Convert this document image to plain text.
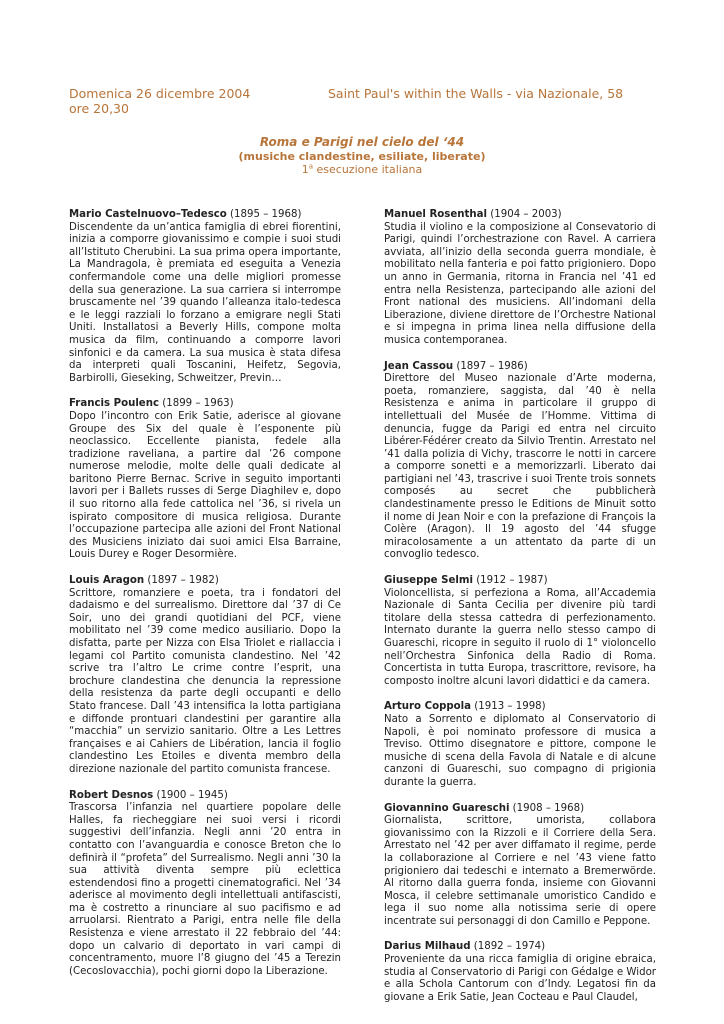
Domenica 26 dicembre 2004	Saint Paul's within the Walls - via Nazionale, 58
ore 20,30
Roma e Parigi nel cielo del ‘44
(musiche clandestine, esiliate, liberate)
1$^a$ esecuzione italiana

Mario Castelnuovo–Tedesco (1895 – 1968)
Discendente da un’antica famiglia di ebrei fiorentini, inizia a comporre giovanissimo e compie i suoi studi all’Istituto Cherubini. La sua prima opera importante, La Mandragola, è premiata ed eseguita a Venezia confermandole come una delle migliori promesse della sua generazione. La sua carriera si interrompe bruscamente nel ’39 quando l’alleanza italo-tedesca e le leggi razziali lo forzano a emigrare negli Stati Uniti. Installatosi a Beverly Hills, compone molta musica da film, continuando a comporre lavori sinfonici e da camera. La sua musica è stata difesa da interpreti quali Toscanini, Heifetz, Segovia, Barbirolli, Gieseking, Schweitzer, Previn…

Francis Poulenc (1899 – 1963)
Dopo l’incontro con Erik Satie, aderisce al giovane Groupe des Six del quale è l’esponente più neoclassico. Eccellente pianista, fedele alla tradizione raveliana, a partire dal ’26 compone numerose melodie, molte delle quali dedicate al baritono Pierre Bernac. Scrive in seguito importanti lavori per i Ballets russes di Serge Diaghilev e, dopo il suo ritorno alla fede cattolica nel ’36, si rivela un ispirato compositore di musica religiosa. Durante l’occupazione partecipa alle azioni del Front National des Musiciens iniziato dai suoi amici Elsa Barraine, Louis Durey e Roger Desormière.

Louis Aragon (1897 – 1982)
Scrittore, romanziere e poeta, tra i fondatori del dadaismo e del surrealismo. Direttore dal ’37 di Ce Soir, uno dei grandi quotidiani del PCF, viene mobilitato nel ’39 come medico ausiliario. Dopo la disfatta, parte per Nizza con Elsa Triolet e riallaccia i legami col Partito comunista clandestino. Nel ’42 scrive tra l’altro Le crime contre l’esprit, una brochure clandestina che denuncia la repressione della resistenza da parte degli occupanti e dello Stato francese. Dall ’43 intensifica la lotta partigiana e diffonde prontuari clandestini per garantire alla “macchia” un servizio sanitario. Oltre a Les Lettres françaises e ai Cahiers de Libération, lancia il foglio clandestino Les Etoiles e diventa membro della direzione nazionale del partito comunista francese.

Robert Desnos (1900 – 1945)
Trascorsa l’infanzia nel quartiere popolare delle Halles, fa riecheggiare nei suoi versi i ricordi suggestivi dell’infanzia. Negli anni ’20 entra in contatto con l’avanguardia e conosce Breton che lo definirà il “profeta” del Surrealismo. Negli anni ’30 la sua attività diventa sempre più eclettica estendendosi fino a progetti cinematografici. Nel ’34 aderisce al movimento degli intellettuali antifascisti, ma è costretto a rinunciare al suo pacifismo e ad arruolarsi. Rientrato a Parigi, entra nelle file della Resistenza e viene arrestato il 22 febbraio del ’44: dopo un calvario di deportato in vari campi di concentramento, muore l’8 giugno del ’45 a Terezin (Cecoslovacchia), pochi giorni dopo la Liberazione.

Manuel Rosenthal (1904 – 2003)
Studia il violino e la composizione al Consevatorio di Parigi, quindi l’orchestrazione con Ravel. A carriera avviata, all’inizio della seconda guerra mondiale, è mobilitato nella fanteria e poi fatto prigioniero. Dopo un anno in Germania, ritorna in Francia nel ’41 ed entra nella Resistenza, partecipando alle azioni del Front national des musiciens. All’indomani della Liberazione, diviene direttore de l’Orchestre National e si impegna in prima linea nella diffusione della musica contemporanea.

Jean Cassou (1897 – 1986)
Direttore del Museo nazionale d’Arte moderna, poeta, romanziere, saggista, dal ’40 è nella Resistenza e anima in particolare il gruppo di intellettuali del Musée de l’Homme. Vittima di denuncia, fugge da Parigi ed entra nel circuito Libérer-Fédérer creato da Silvio Trentin. Arrestato nel ’41 dalla polizia di Vichy, trascorre le notti in carcere a comporre sonetti e a memorizzarli. Liberato dai partigiani nel ’43, trascrive i suoi Trente trois sonnets composés au secret che pubblicherà clandestinamente presso le Editions de Minuit sotto il nome di Jean Noir e con la prefazione di François la Colère (Aragon). Il 19 agosto del ’44 sfugge miracolosamente a un attentato da parte di un convoglio tedesco.

Giuseppe Selmi (1912 – 1987)
Violoncellista, si perfeziona a Roma, all’Accademia Nazionale di Santa Cecilia per divenire più tardi titolare della stessa cattedra di perfezionamento. Internato durante la guerra nello stesso campo di Guareschi, ricopre in seguito il ruolo di 1° violoncello nell’Orchestra Sinfonica della Radio di Roma. Concertista in tutta Europa, trascrittore, revisore, ha composto inoltre alcuni lavori didattici e da camera.

Arturo Coppola (1913 – 1998)
Nato a Sorrento e diplomato al Conservatorio di Napoli, è poi nominato professore di musica a Treviso. Ottimo disegnatore e pittore, compone le musiche di scena della Favola di Natale e di alcune canzoni di Guareschi, suo compagno di prigionia durante la guerra.

Giovannino Guareschi (1908 – 1968)
Giornalista, scrittore, umorista, collabora giovanissimo con la Rizzoli e il Corriere della Sera. Arrestato nel ’42 per aver diffamato il regime, perde la collaborazione al Corriere e nel ’43 viene fatto prigioniero dai tedeschi e internato a Bremerwörde. Al ritorno dalla guerra fonda, insieme con Giovanni Mosca, il celebre settimanale umoristico Candido e lega il suo nome alla notissima serie di opere incentrate sui personaggi di don Camillo e Peppone.

Darius Milhaud (1892 – 1974)
Proveniente da una ricca famiglia di origine ebraica, studia al Conservatorio di Parigi con Gédalge e Widor e alla Schola Cantorum con d’Indy. Legatosi fin da giovane a Erik Satie, Jean Cocteau e Paul Claudel,
